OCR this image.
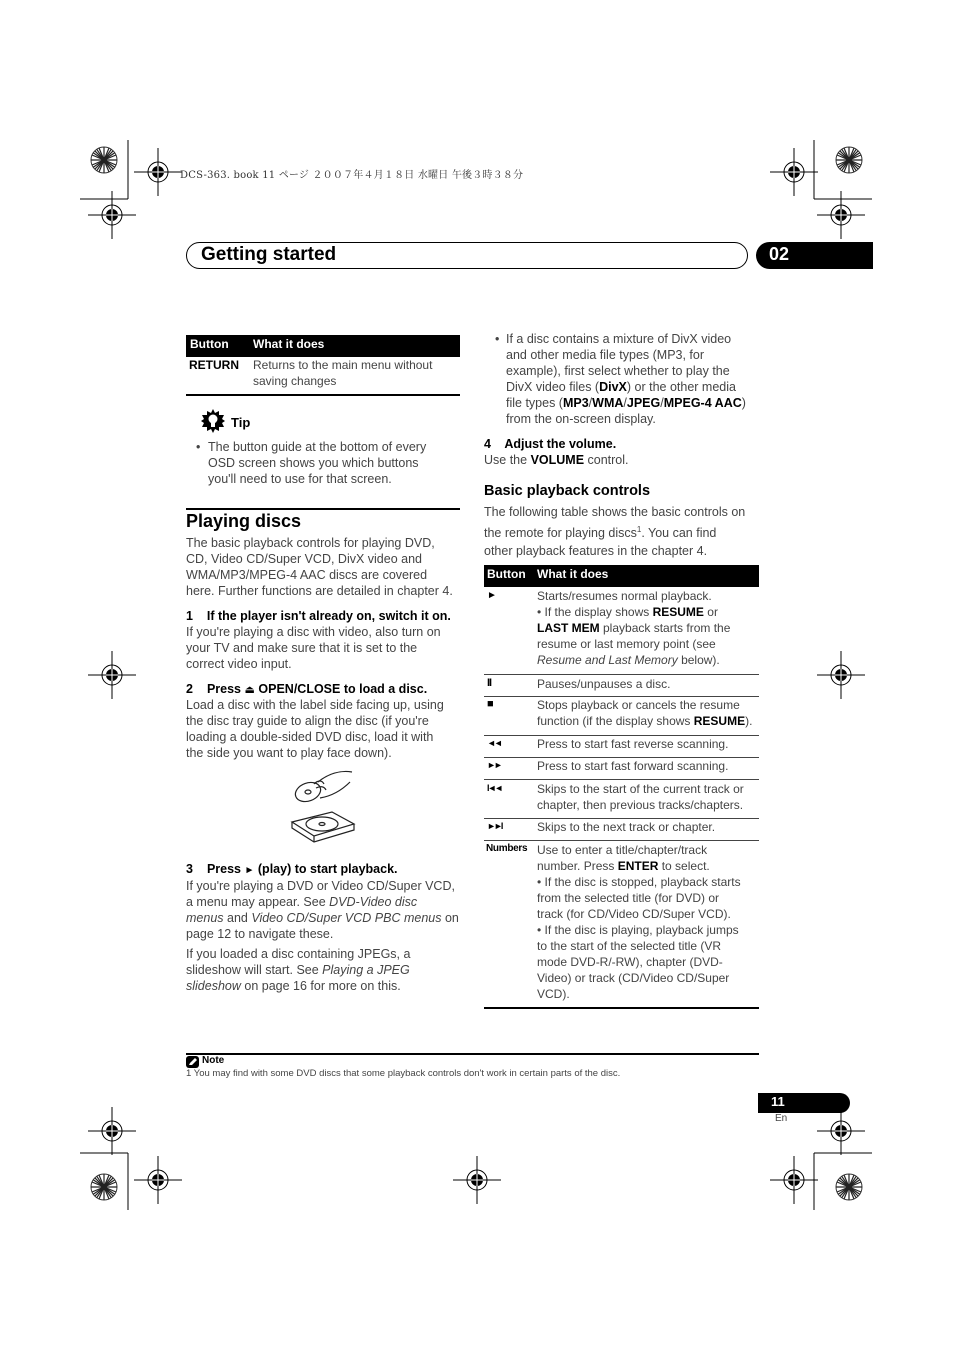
DCS-363. book 11 ページ ２００７年４月１８日 水曜日 午後３時３８分
Getting started	02
Button What it does
RETURN Returns to the main menu without
saving changes
Tip
• The button guide at the bottom of every
OSD screen shows you which buttons
you'll need to use for that screen.
Playing discs
The basic playback controls for playing DVD,
CD, Video CD/Super VCD, DivX video and
WMA/MP3/MPEG-4 AAC discs are covered
here. Further functions are detailed in chapter 4.
1    If the player isn't already on, switch it on.
If you're playing a disc with video, also turn on
your TV and make sure that it is set to the
correct video input.
2 Press ⏏ OPEN/CLOSE to load a disc.
Load a disc with the label side facing up, using
the disc tray guide to align the disc (if you're
loading a double-sided DVD disc, load it with
the side you want to play face down).
3 Press ► (play) to start playback.
If you're playing a DVD or Video CD/Super VCD,
a menu may appear. See DVD-Video disc
menus and Video CD/Super VCD PBC menus on
page 12 to navigate these.
If you loaded a disc containing JPEGs, a
slideshow will start. See Playing a JPEG
slideshow on page 16 for more on this.
• If a disc contains a mixture of DivX video
and other media file types (MP3, for
example), first select whether to play the
DivX video files (DivX) or the other media
file types (MP3/WMA/JPEG/MPEG-4 AAC)
from the on-screen display.
4    Adjust the volume.
Use the VOLUME control.
Basic playback controls
The following table shows the basic controls on
the remote for playing discs$^1$. You can find
other playback features in the chapter 4.
Button What it does
►	Starts/resumes normal playback.
• If the display shows RESUME or
LAST MEM playback starts from the
resume or last memory point (see
Resume and Last Memory below).
II	Pauses/unpauses a disc.
■	Stops playback or cancels the resume
function (if the display shows RESUME).
◄◄	Press to start fast reverse scanning.
►►	Press to start fast forward scanning.
I◄◄	Skips to the start of the current track or
chapter, then previous tracks/chapters.
►►I	Skips to the next track or chapter.
Numbers Use to enter a title/chapter/track
number. Press ENTER to select.
• If the disc is stopped, playback starts
from the selected title (for DVD) or
track (for CD/Video CD/Super VCD).
• If the disc is playing, playback jumps
to the start of the selected title (VR
mode DVD-R/-RW), chapter (DVD-
Video) or track (CD/Video CD/Super
VCD).
Note
1 You may find with some DVD discs that some playback controls don't work in certain parts of the disc.
11
En
